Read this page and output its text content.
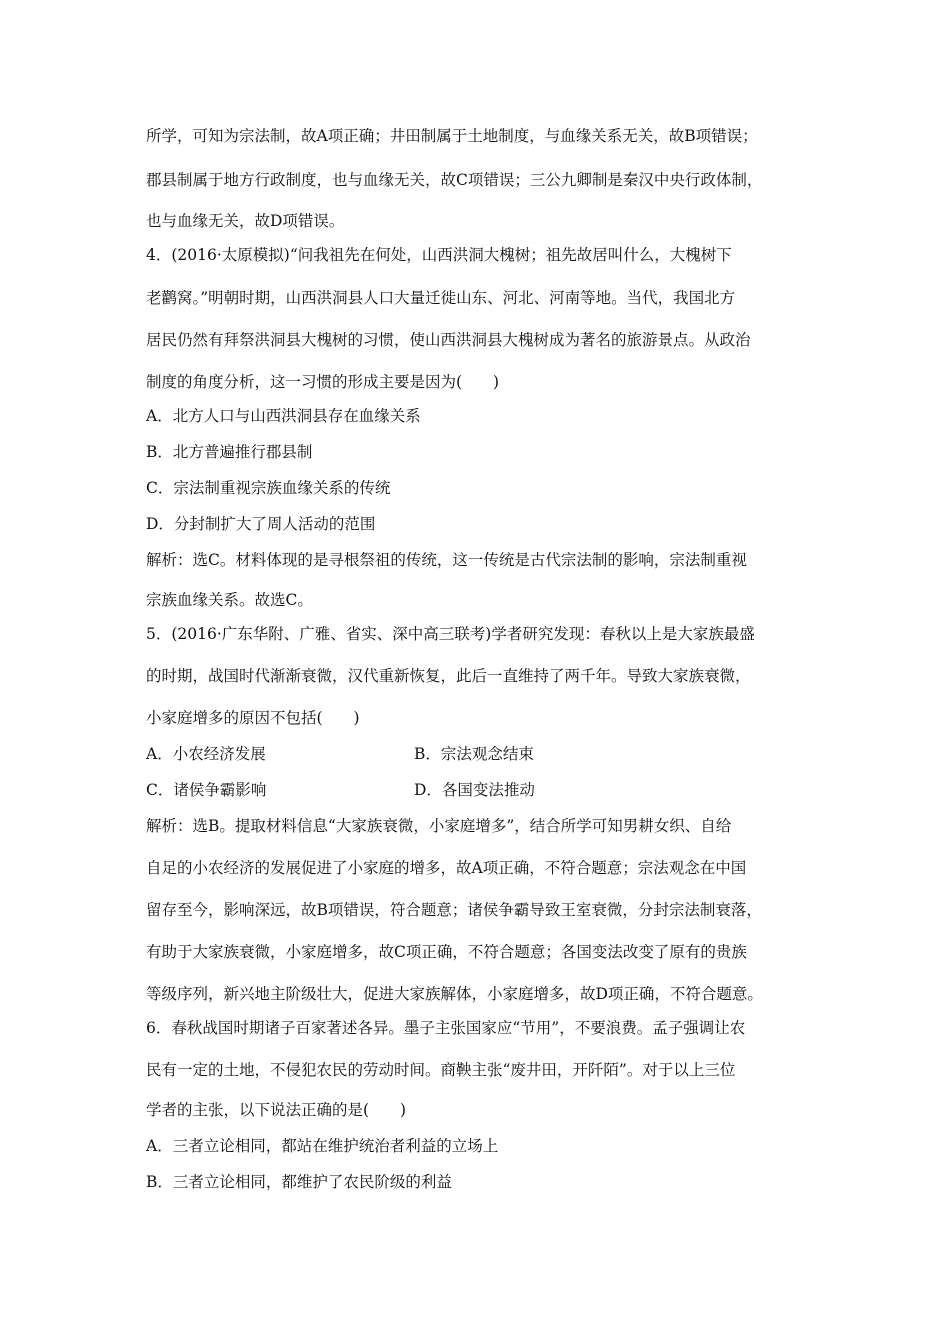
所学，可知为宗法制，故A项正确；井田制属于土地制度，与血缘关系无关，故B项错误；
郡县制属于地方行政制度，也与血缘无关，故C项错误；三公九卿制是秦汉中央行政体制，
也与血缘无关，故D项错误。
4．(2016·太原模拟)“问我祖先在何处，山西洪洞大槐树；祖先故居叫什么，大槐树下
老鹳窝。”明朝时期，山西洪洞县人口大量迁徙山东、河北、河南等地。当代，我国北方
居民仍然有拜祭洪洞县大槐树的习惯，使山西洪洞县大槐树成为著名的旅游景点。从政治
制度的角度分析，这一习惯的形成主要是因为(　　)
A．北方人口与山西洪洞县存在血缘关系
B．北方普遍推行郡县制
C．宗法制重视宗族血缘关系的传统
D．分封制扩大了周人活动的范围
解析：选C。材料体现的是寻根祭祖的传统，这一传统是古代宗法制的影响，宗法制重视
宗族血缘关系。故选C。
5．(2016·广东华附、广雅、省实、深中高三联考)学者研究发现：春秋以上是大家族最盛
的时期，战国时代渐渐衰微，汉代重新恢复，此后一直维持了两千年。导致大家族衰微，
小家庭增多的原因不包括(　　)
A．小农经济发展	B．宗法观念结束
C．诸侯争霸影响	D．各国变法推动
解析：选B。提取材料信息“大家族衰微，小家庭增多”，结合所学可知男耕女织、自给
自足的小农经济的发展促进了小家庭的增多，故A项正确，不符合题意；宗法观念在中国
留存至今，影响深远，故B项错误，符合题意；诸侯争霸导致王室衰微，分封宗法制衰落，
有助于大家族衰微，小家庭增多，故C项正确，不符合题意；各国变法改变了原有的贵族
等级序列，新兴地主阶级壮大，促进大家族解体，小家庭增多，故D项正确，不符合题意。
6．春秋战国时期诸子百家著述各异。墨子主张国家应“节用”，不要浪费。孟子强调让农
民有一定的土地，不侵犯农民的劳动时间。商鞅主张“废井田，开阡陌”。对于以上三位
学者的主张，以下说法正确的是(　　)
A．三者立论相同，都站在维护统治者利益的立场上
B．三者立论相同，都维护了农民阶级的利益
